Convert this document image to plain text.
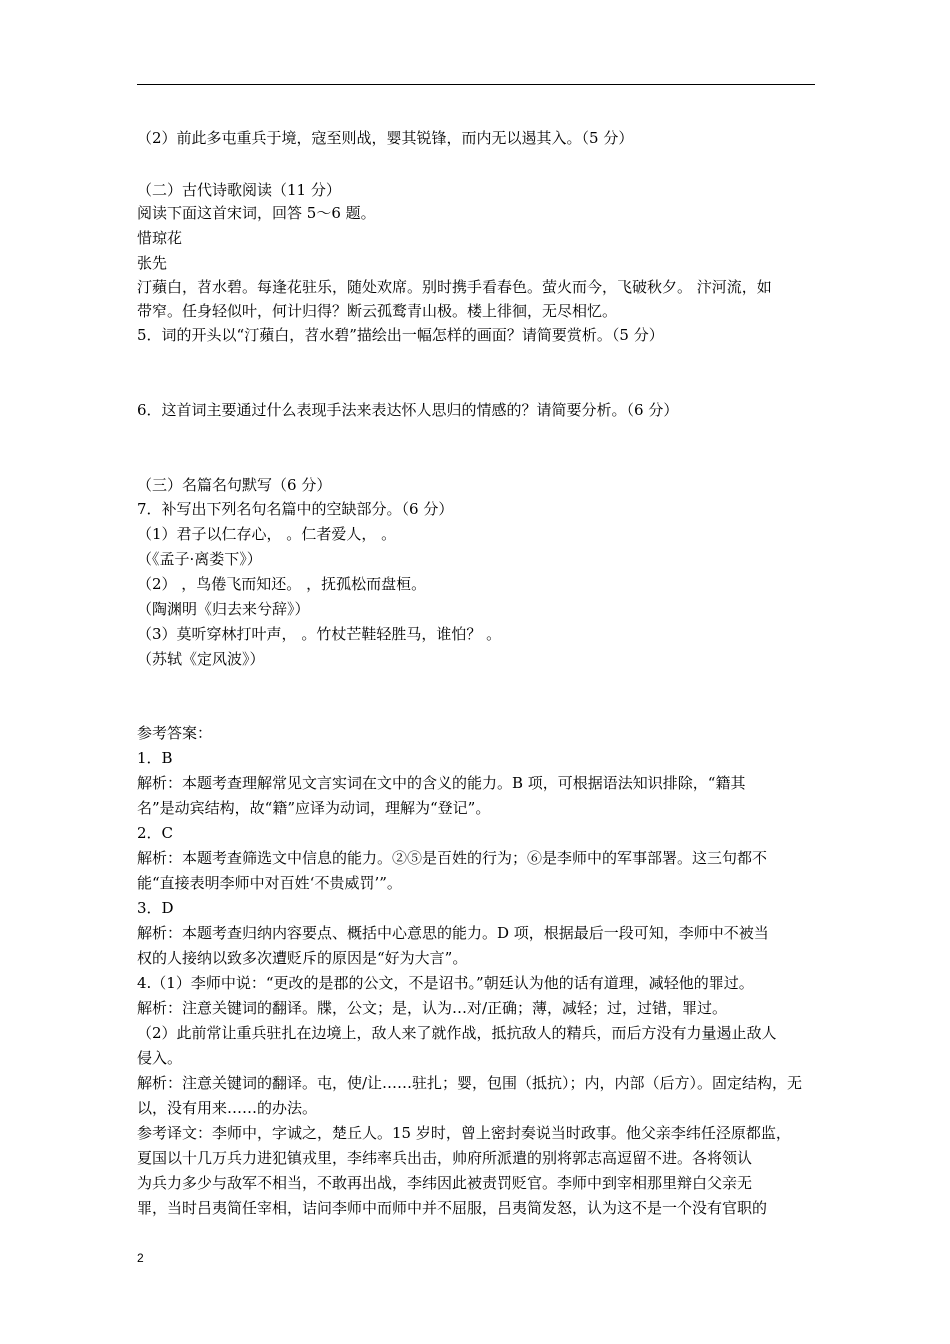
（2）前此多屯重兵于境，寇至则战，婴其锐锋，而内无以遏其入。（5 分）
（二）古代诗歌阅读（11 分）
阅读下面这首宋词，回答 5～6 题。
惜琼花
张先
汀蘋白，苕水碧。每逢花驻乐，随处欢席。别时携手看春色。萤火而今，飞破秋夕。 汴河流，如
带窄。任身轻似叶，何计归得？断云孤鹜青山极。楼上徘徊，无尽相忆。
5．词的开头以“汀蘋白，苕水碧”描绘出一幅怎样的画面？请简要赏析。（5 分）
6．这首词主要通过什么表现手法来表达怀人思归的情感的？请简要分析。（6 分）
（三）名篇名句默写（6 分）
7．补写出下列名句名篇中的空缺部分。（6 分）
（1）君子以仁存心， 。仁者爱人， 。
（《孟子·离娄下》）
（2） ，鸟倦飞而知还。 ，抚孤松而盘桓。
（陶渊明《归去来兮辞》）
（3）莫听穿林打叶声， 。竹杖芒鞋轻胜马，谁怕？ 。
（苏轼《定风波》）
参考答案：
1．B
解析：本题考查理解常见文言实词在文中的含义的能力。B 项，可根据语法知识排除，“籍其
名”是动宾结构，故“籍”应译为动词，理解为“登记”。
2．C
解析：本题考查筛选文中信息的能力。②⑤是百姓的行为；⑥是李师中的军事部署。这三句都不
能“直接表明李师中对百姓‘不贵威罚’”。
3．D
解析：本题考查归纳内容要点、概括中心意思的能力。D 项，根据最后一段可知，李师中不被当
权的人接纳以致多次遭贬斥的原因是“好为大言”。
4.（1）李师中说：“更改的是郡的公文，不是诏书。”朝廷认为他的话有道理，减轻他的罪过。
解析：注意关键词的翻译。牒，公文；是，认为…对/正确；薄，减轻；过，过错，罪过。
（2）此前常让重兵驻扎在边境上，敌人来了就作战，抵抗敌人的精兵，而后方没有力量遏止敌人
侵入。
解析：注意关键词的翻译。屯，使/让……驻扎；婴，包围（抵抗）；内，内部（后方）。固定结构，无
以，没有用来……的办法。
参考译文：李师中，字诚之，楚丘人。15 岁时，曾上密封奏说当时政事。他父亲李纬任泾原都监，
夏国以十几万兵力进犯镇戎里，李纬率兵出击，帅府所派遣的别将郭志高逗留不进。各将领认
为兵力多少与敌军不相当，不敢再出战，李纬因此被责罚贬官。李师中到宰相那里辩白父亲无
罪，当时吕夷简任宰相，诘问李师中而师中并不屈服，吕夷简发怒，认为这不是一个没有官职的
2
